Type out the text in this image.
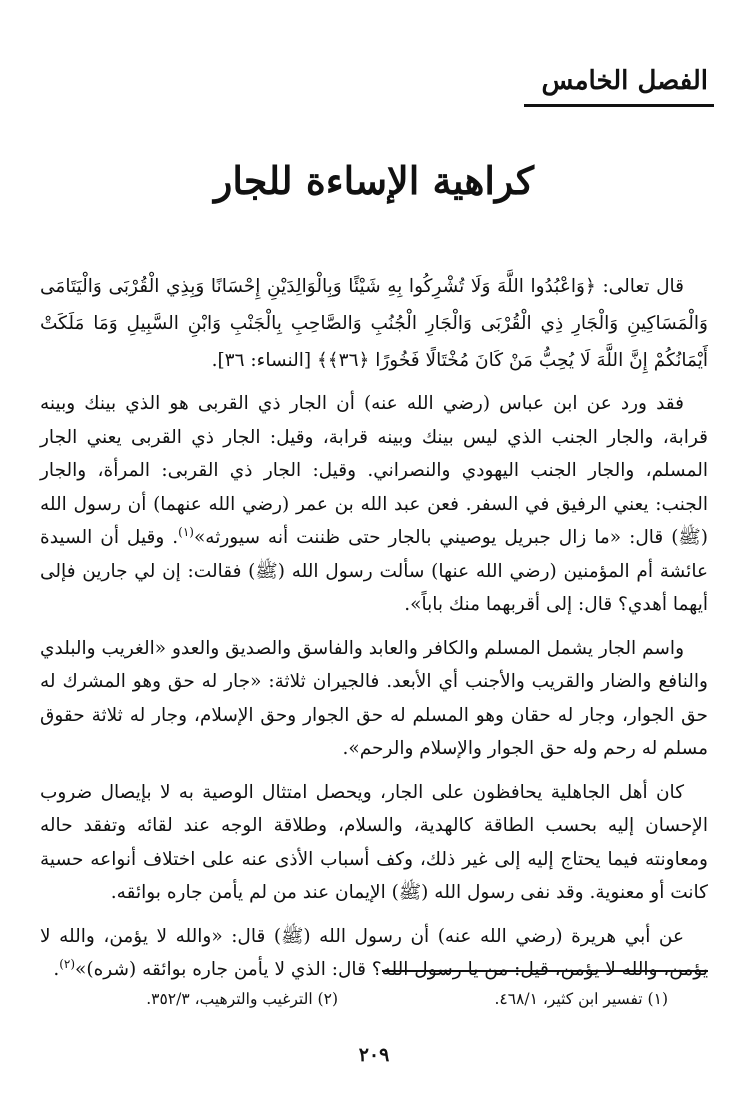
الفصل الخامس
كراهية الإساءة للجار

قال تعالى: ﴿وَاعْبُدُوا اللَّهَ وَلَا تُشْرِكُوا بِهِ شَيْئًا وَبِالْوَالِدَيْنِ إِحْسَانًا وَبِذِي الْقُرْبَى وَالْيَتَامَى وَالْمَسَاكِينِ وَالْجَارِ ذِي الْقُرْبَى وَالْجَارِ الْجُنُبِ وَالصَّاحِبِ بِالْجَنْبِ وَابْنِ السَّبِيلِ وَمَا مَلَكَتْ أَيْمَانُكُمْ إِنَّ اللَّهَ لَا يُحِبُّ مَنْ كَانَ مُخْتَالًا فَخُورًا ﴿٣٦﴾﴾ [النساء: ٣٦].

فقد ورد عن ابن عباس (رضي الله عنه) أن الجار ذي القربى هو الذي بينك وبينه قرابة، والجار الجنب الذي ليس بينك وبينه قرابة، وقيل: الجار ذي القربى يعني الجار المسلم، والجار الجنب اليهودي والنصراني. وقيل: الجار ذي القربى: المرأة، والجار الجنب: يعني الرفيق في السفر. فعن عبد الله بن عمر (رضي الله عنهما) أن رسول الله (ﷺ) قال: «ما زال جبريل يوصيني بالجار حتى ظننت أنه سيورثه»$^{(١)}$. وقيل أن السيدة عائشة أم المؤمنين (رضي الله عنها) سألت رسول الله (ﷺ) فقالت: إن لي جارين فإلى أيهما أهدي؟ قال: إلى أقربهما منك باباً».

واسم الجار يشمل المسلم والكافر والعابد والفاسق والصديق والعدو «الغريب والبلدي والنافع والضار والقريب والأجنب أي الأبعد. فالجيران ثلاثة: «جار له حق وهو المشرك له حق الجوار، وجار له حقان وهو المسلم له حق الجوار وحق الإسلام، وجار له ثلاثة حقوق مسلم له رحم وله حق الجوار والإسلام والرحم».

كان أهل الجاهلية يحافظون على الجار، ويحصل امتثال الوصية به لا بإيصال ضروب الإحسان إليه بحسب الطاقة كالهدية، والسلام، وطلاقة الوجه عند لقائه وتفقد حاله ومعاونته فيما يحتاج إليه إلى غير ذلك، وكف أسباب الأذى عنه على اختلاف أنواعه حسية كانت أو معنوية. وقد نفى رسول الله (ﷺ) الإيمان عند من لم يأمن جاره بوائقه.

عن أبي هريرة (رضي الله عنه) أن رسول الله (ﷺ) قال: «والله لا يؤمن، والله لا يؤمن، والله لا يؤمن، قيل: من يا رسول الله؟ قال: الذي لا يأمن جاره بوائقه (شره)»$^{(٢)}$.

(١) تفسير ابن كثير، ٤٦٨/١.
(٢) الترغيب والترهيب، ٣٥٢/٣.
٢٠٩
